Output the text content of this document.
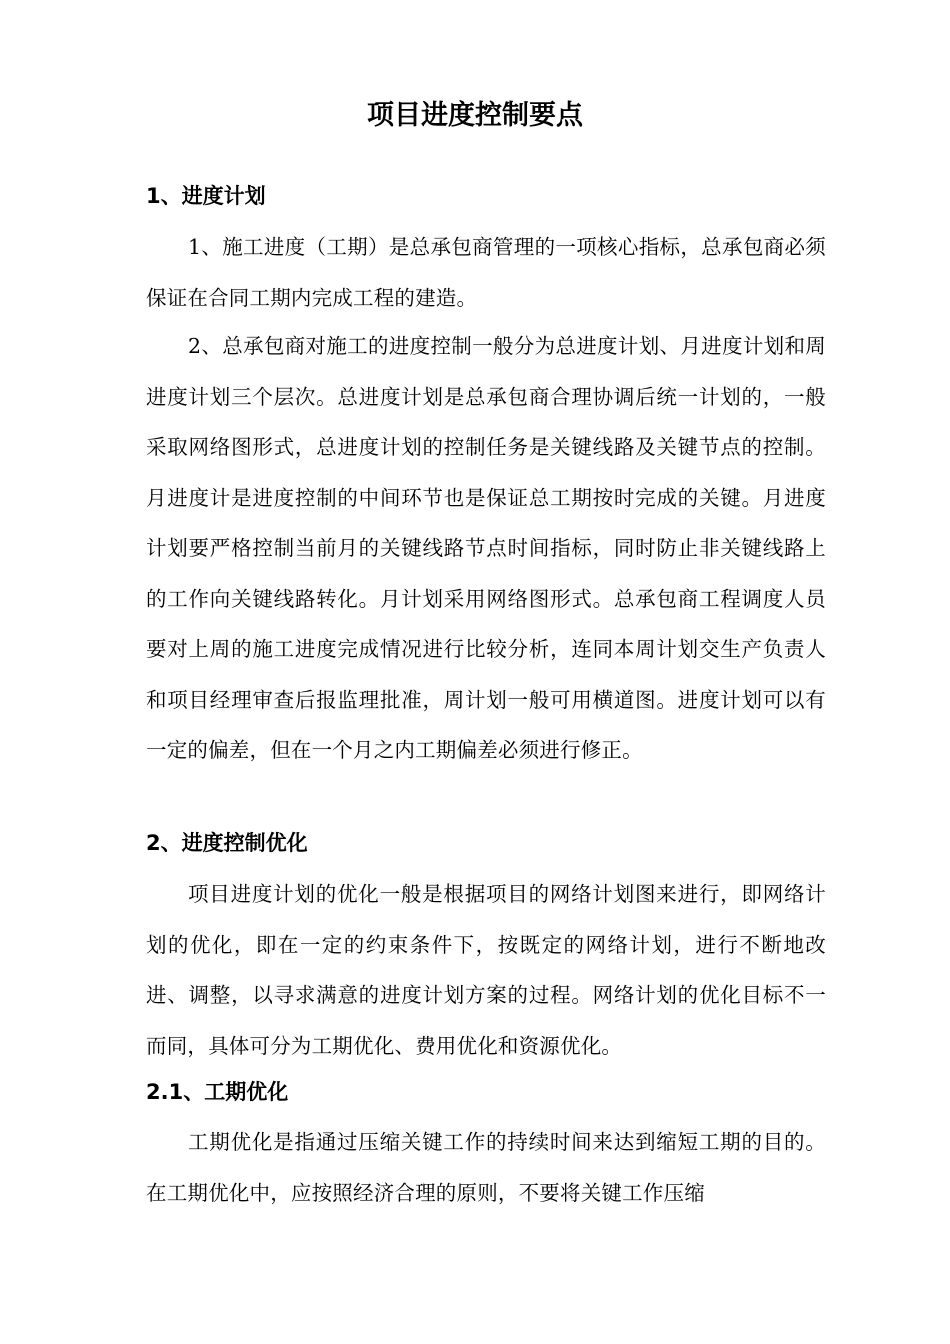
项目进度控制要点
1、进度计划
1、施工进度（工期）是总承包商管理的一项核心指标，总承包商必须保证在合同工期内完成工程的建造。
2、总承包商对施工的进度控制一般分为总进度计划、月进度计划和周进度计划三个层次。总进度计划是总承包商合理协调后统一计划的，一般采取网络图形式，总进度计划的控制任务是关键线路及关键节点的控制。月进度计是进度控制的中间环节也是保证总工期按时完成的关键。月进度计划要严格控制当前月的关键线路节点时间指标，同时防止非关键线路上的工作向关键线路转化。月计划采用网络图形式。总承包商工程调度人员要对上周的施工进度完成情况进行比较分析，连同本周计划交生产负责人和项目经理审查后报监理批准，周计划一般可用横道图。进度计划可以有一定的偏差，但在一个月之内工期偏差必须进行修正。
2、进度控制优化
项目进度计划的优化一般是根据项目的网络计划图来进行，即网络计划的优化，即在一定的约束条件下，按既定的网络计划，进行不断地改进、调整，以寻求满意的进度计划方案的过程。网络计划的优化目标不一而同，具体可分为工期优化、费用优化和资源优化。
2.1、工期优化
工期优化是指通过压缩关键工作的持续时间来达到缩短工期的目的。在工期优化中，应按照经济合理的原则，不要将关键工作压缩
